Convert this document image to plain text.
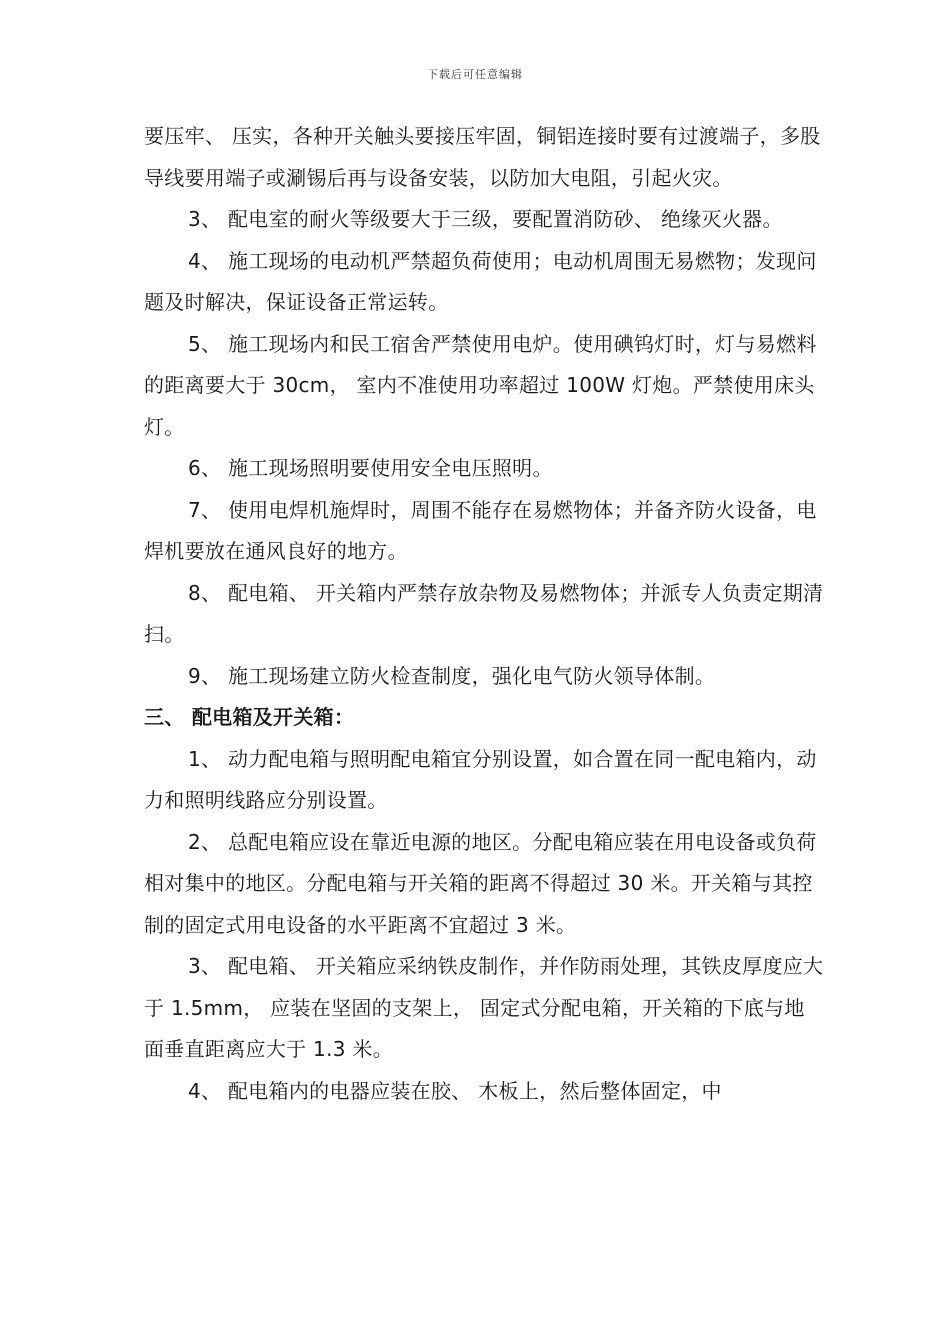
下载后可任意编辑

要压牢、 压实，各种开关触头要接压牢固，铜铝连接时要有过渡端子，多股导线要用端子或涮锡后再与设备安装，以防加大电阻，引起火灾。

3、 配电室的耐火等级要大于三级，要配置消防砂、 绝缘灭火器。

4、 施工现场的电动机严禁超负荷使用；电动机周围无易燃物；发现问题及时解决，保证设备正常运转。

5、 施工现场内和民工宿舍严禁使用电炉。使用碘钨灯时，灯与易燃料的距离要大于 30cm， 室内不准使用功率超过 100W 灯炮。严禁使用床头灯。

6、 施工现场照明要使用安全电压照明。

7、 使用电焊机施焊时，周围不能存在易燃物体；并备齐防火设备，电焊机要放在通风良好的地方。

8、 配电箱、 开关箱内严禁存放杂物及易燃物体；并派专人负责定期清扫。

9、 施工现场建立防火检查制度，强化电气防火领导体制。

三、 配电箱及开关箱：

1、 动力配电箱与照明配电箱宜分别设置，如合置在同一配电箱内，动力和照明线路应分别设置。

2、 总配电箱应设在靠近电源的地区。分配电箱应装在用电设备或负荷相对集中的地区。分配电箱与开关箱的距离不得超过 30 米。开关箱与其控制的固定式用电设备的水平距离不宜超过 3 米。

3、 配电箱、 开关箱应采纳铁皮制作，并作防雨处理，其铁皮厚度应大于 1.5mm， 应装在坚固的支架上， 固定式分配电箱，开关箱的下底与地面垂直距离应大于 1.3 米。

4、 配电箱内的电器应装在胶、 木板上，然后整体固定，中
